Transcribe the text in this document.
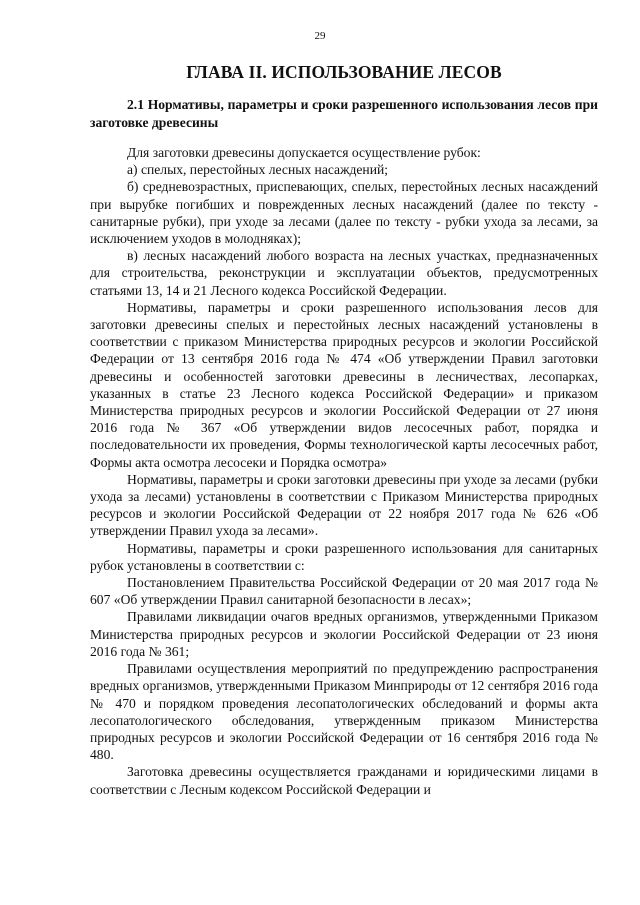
29
ГЛАВА II. ИСПОЛЬЗОВАНИЕ ЛЕСОВ
2.1 Нормативы, параметры и сроки разрешенного использования лесов при заготовке древесины

Для заготовки древесины допускается осуществление рубок:

а) спелых, перестойных лесных насаждений;

б) средневозрастных, приспевающих, спелых, перестойных лесных насаждений при вырубке погибших и поврежденных лесных насаждений (далее по тексту - санитарные рубки), при уходе за лесами (далее по тексту - рубки ухода за лесами, за исключением уходов в молодняках);

в) лесных насаждений любого возраста на лесных участках, предназначенных для строительства, реконструкции и эксплуатации объектов, предусмотренных статьями 13, 14 и 21 Лесного кодекса Российской Федерации.

Нормативы, параметры и сроки разрешенного использования лесов для заготовки древесины спелых и перестойных лесных насаждений установлены в соответствии с приказом Министерства природных ресурсов и экологии Российской Федерации от 13 сентября 2016 года № 474 «Об утверждении Правил заготовки древесины и особенностей заготовки древесины в лесничествах, лесопарках, указанных в статье 23 Лесного кодекса Российской Федерации» и приказом Министерства природных ресурсов и экологии Российской Федерации от 27 июня 2016 года № 367 «Об утверждении видов лесосечных работ, порядка и последовательности их проведения, Формы технологической карты лесосечных работ, Формы акта осмотра лесосеки и Порядка осмотра»

Нормативы, параметры и сроки заготовки древесины при уходе за лесами (рубки ухода за лесами) установлены в соответствии с Приказом Министерства природных ресурсов и экологии Российской Федерации от 22 ноября 2017 года № 626 «Об утверждении Правил ухода за лесами».

Нормативы, параметры и сроки разрешенного использования для санитарных рубок установлены в соответствии с:

Постановлением Правительства Российской Федерации от 20 мая 2017 года № 607 «Об утверждении Правил санитарной безопасности в лесах»;

Правилами ликвидации очагов вредных организмов, утвержденными Приказом Министерства природных ресурсов и экологии Российской Федерации от 23 июня 2016 года № 361;

Правилами осуществления мероприятий по предупреждению распространения вредных организмов, утвержденными Приказом Минприроды от 12 сентября 2016 года № 470 и порядком проведения лесопатологических обследований и формы акта лесопатологического обследования, утвержденным приказом Министерства природных ресурсов и экологии Российской Федерации от 16 сентября 2016 года № 480.

Заготовка древесины осуществляется гражданами и юридическими лицами в соответствии с Лесным кодексом Российской Федерации и
